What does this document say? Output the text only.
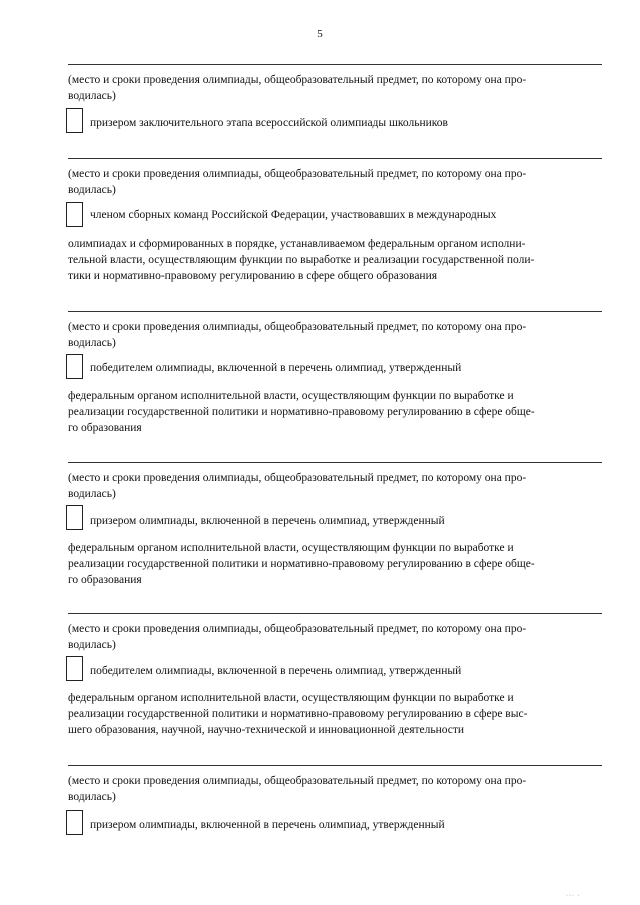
5
(место и сроки проведения олимпиады, общеобразовательный предмет, по которому она про-
водилась)
призером заключительного этапа всероссийской олимпиады школьников
(место и сроки проведения олимпиады, общеобразовательный предмет, по которому она про-
водилась)
членом сборных команд Российской Федерации, участвовавших в международных
олимпиадах и сформированных в порядке, устанавливаемом федеральным органом исполни-
тельной власти, осуществляющим функции по выработке и реализации государственной поли-
тики и нормативно-правовому регулированию в сфере общего образования
(место и сроки проведения олимпиады, общеобразовательный предмет, по которому она про-
водилась)
победителем олимпиады, включенной в перечень олимпиад, утвержденный
федеральным органом исполнительной власти, осуществляющим функции по выработке и
реализации государственной политики и нормативно-правовому регулированию в сфере обще-
го образования
(место и сроки проведения олимпиады, общеобразовательный предмет, по которому она про-
водилась)
призером олимпиады, включенной в перечень олимпиад, утвержденный
федеральным органом исполнительной власти, осуществляющим функции по выработке и
реализации государственной политики и нормативно-правовому регулированию в сфере обще-
го образования
(место и сроки проведения олимпиады, общеобразовательный предмет, по которому она про-
водилась)
победителем олимпиады, включенной в перечень олимпиад, утвержденный
федеральным органом исполнительной власти, осуществляющим функции по выработке и
реализации государственной политики и нормативно-правовому регулированию в сфере выс-
шего образования, научной, научно-технической и инновационной деятельности
(место и сроки проведения олимпиады, общеобразовательный предмет, по которому она про-
водилась)
призером олимпиады, включенной в перечень олимпиад, утвержденный
··· ·
